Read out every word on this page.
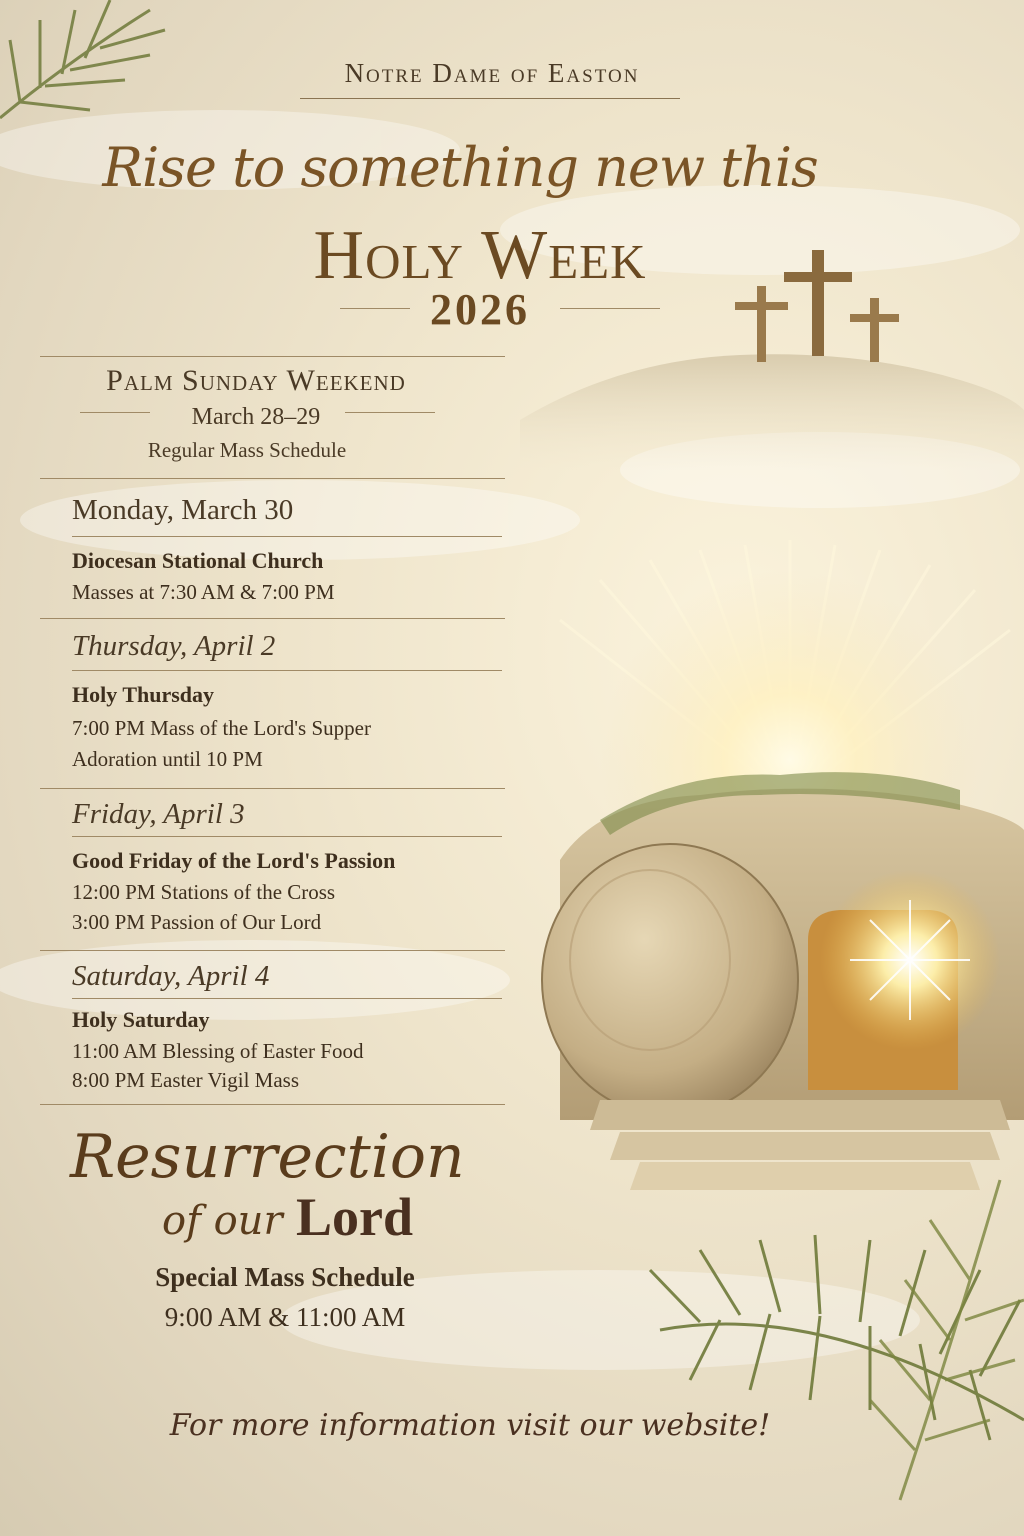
Notre Dame of Easton
Rise to something new this
Holy Week
2026
Palm Sunday Weekend
March 28–29
Regular Mass Schedule
Monday, March 30
Diocesan Stational Church
Masses at 7:30 AM & 7:00 PM
Thursday, April 2
Holy Thursday
7:00 PM Mass of the Lord's Supper
Adoration until 10 PM
Friday, April 3
Good Friday of the Lord's Passion
12:00 PM Stations of the Cross
3:00 PM Passion of Our Lord
Saturday, April 4
Holy Saturday
11:00 AM Blessing of Easter Food
8:00 PM Easter Vigil Mass
Resurrection
of our Lord
Special Mass Schedule
9:00 AM & 11:00 AM
For more information visit our website!
